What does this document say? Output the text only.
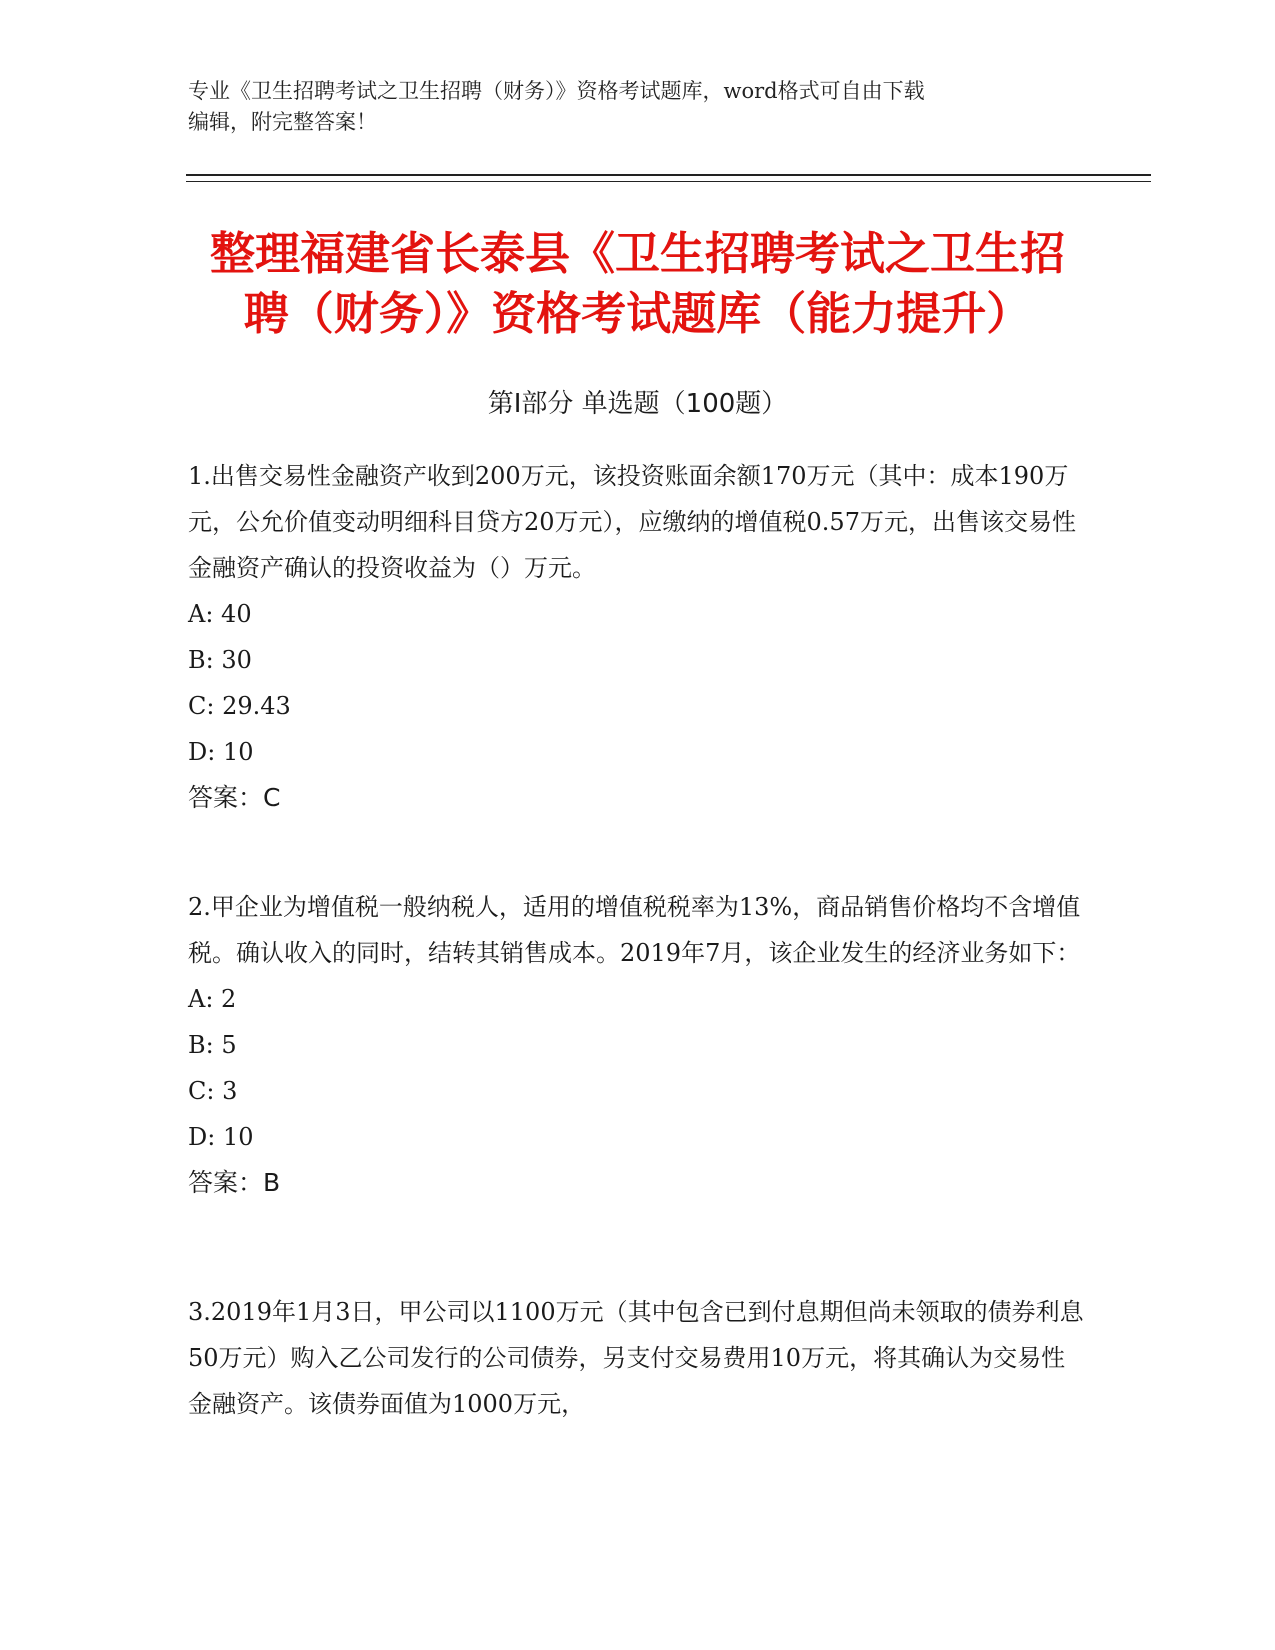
专业《卫生招聘考试之卫生招聘（财务）》资格考试题库，word格式可自由下载
编辑，附完整答案！
整理福建省长泰县《卫生招聘考试之卫生招
聘（财务）》资格考试题库（能力提升）
第Ⅰ部分 单选题（100题）

1.出售交易性金融资产收到200万元，该投资账面余额170万元（其中：成本190万元，公允价值变动明细科目贷方20万元），应缴纳的增值税0.57万元，出售该交易性金融资产确认的投资收益为（）万元。

A: 40

B: 30

C: 29.43

D: 10

答案：C

2.甲企业为增值税一般纳税人，适用的增值税税率为13%，商品销售价格均不含增值税。确认收入的同时，结转其销售成本。2019年7月，该企业发生的经济业务如下：

A: 2

B: 5

C: 3

D: 10

答案：B

3.2019年1月3日，甲公司以1100万元（其中包含已到付息期但尚未领取的债券利息50万元）购入乙公司发行的公司债券，另支付交易费用10万元，将其确认为交易性金融资产。该债券面值为1000万元，
